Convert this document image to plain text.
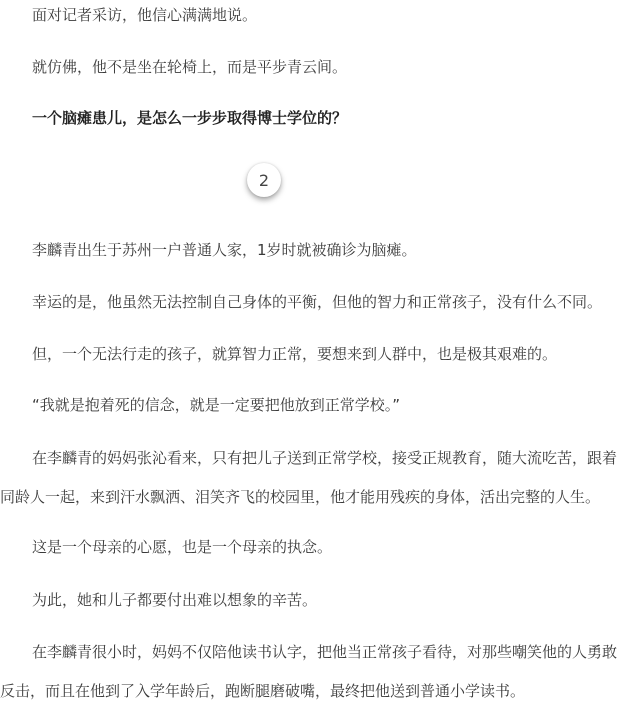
面对记者采访，他信心满满地说。
就仿佛，他不是坐在轮椅上，而是平步青云间。
一个脑瘫患儿，是怎么一步步取得博士学位的？
2
李麟青出生于苏州一户普通人家，1岁时就被确诊为脑瘫。
幸运的是，他虽然无法控制自己身体的平衡，但他的智力和正常孩子，没有什么不同。
但，一个无法行走的孩子，就算智力正常，要想来到人群中，也是极其艰难的。
“我就是抱着死的信念，就是一定要把他放到正常学校。”
在李麟青的妈妈张沁看来，只有把儿子送到正常学校，接受正规教育，随大流吃苦，跟着
同龄人一起，来到汗水飘洒、泪笑齐飞的校园里，他才能用残疾的身体，活出完整的人生。
这是一个母亲的心愿，也是一个母亲的执念。
为此，她和儿子都要付出难以想象的辛苦。
在李麟青很小时，妈妈不仅陪他读书认字，把他当正常孩子看待，对那些嘲笑他的人勇敢
反击，而且在他到了入学年龄后，跑断腿磨破嘴，最终把他送到普通小学读书。
